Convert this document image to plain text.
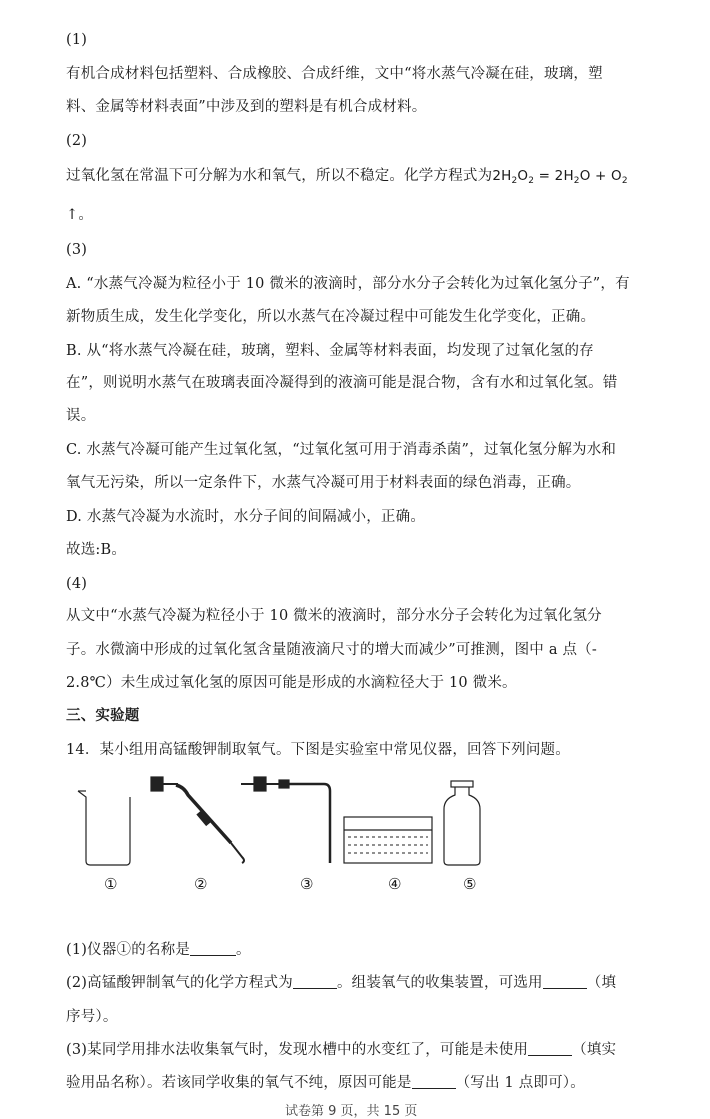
(1)
有机合成材料包括塑料、合成橡胶、合成纤维，文中“将水蒸气冷凝在硅，玻璃，塑
料、金属等材料表面”中涉及到的塑料是有机合成材料。
(2)
过氧化氢在常温下可分解为水和氧气，所以不稳定。化学方程式为$2H_2O_2 = 2H_2O + O_2$
↑。
(3)
A. “水蒸气冷凝为粒径小于 10 微米的液滴时，部分水分子会转化为过氧化氢分子”，有
新物质生成，发生化学变化，所以水蒸气在冷凝过程中可能发生化学变化，正确。
B. 从“将水蒸气冷凝在硅，玻璃，塑料、金属等材料表面，均发现了过氧化氢的存
在”，则说明水蒸气在玻璃表面冷凝得到的液滴可能是混合物，含有水和过氧化氢。错
误。
C. 水蒸气冷凝可能产生过氧化氢，“过氧化氢可用于消毒杀菌”，过氧化氢分解为水和
氧气无污染，所以一定条件下，水蒸气冷凝可用于材料表面的绿色消毒，正确。
D. 水蒸气冷凝为水流时，水分子间的间隔减小，正确。
故选:B。
(4)
从文中“水蒸气冷凝为粒径小于 10 微米的液滴时，部分水分子会转化为过氧化氢分
子。水微滴中形成的过氧化氢含量随液滴尺寸的增大而减少”可推测，图中 a 点（-
2.8℃）未生成过氧化氢的原因可能是形成的水滴粒径大于 10 微米。
三、实验题
14．某小组用高锰酸钾制取氧气。下图是实验室中常见仪器，回答下列问题。
①	②	③	④	⑤
(1)仪器①的名称是	。
(2)高锰酸钾制氧气的化学方程式为	。组装氧气的收集装置，可选用	（填
序号）。
(3)某同学用排水法收集氧气时，发现水槽中的水变红了，可能是未使用	（填实
验用品名称）。若该同学收集的氧气不纯，原因可能是	（写出 1 点即可）。
试卷第 9 页，共 15 页
